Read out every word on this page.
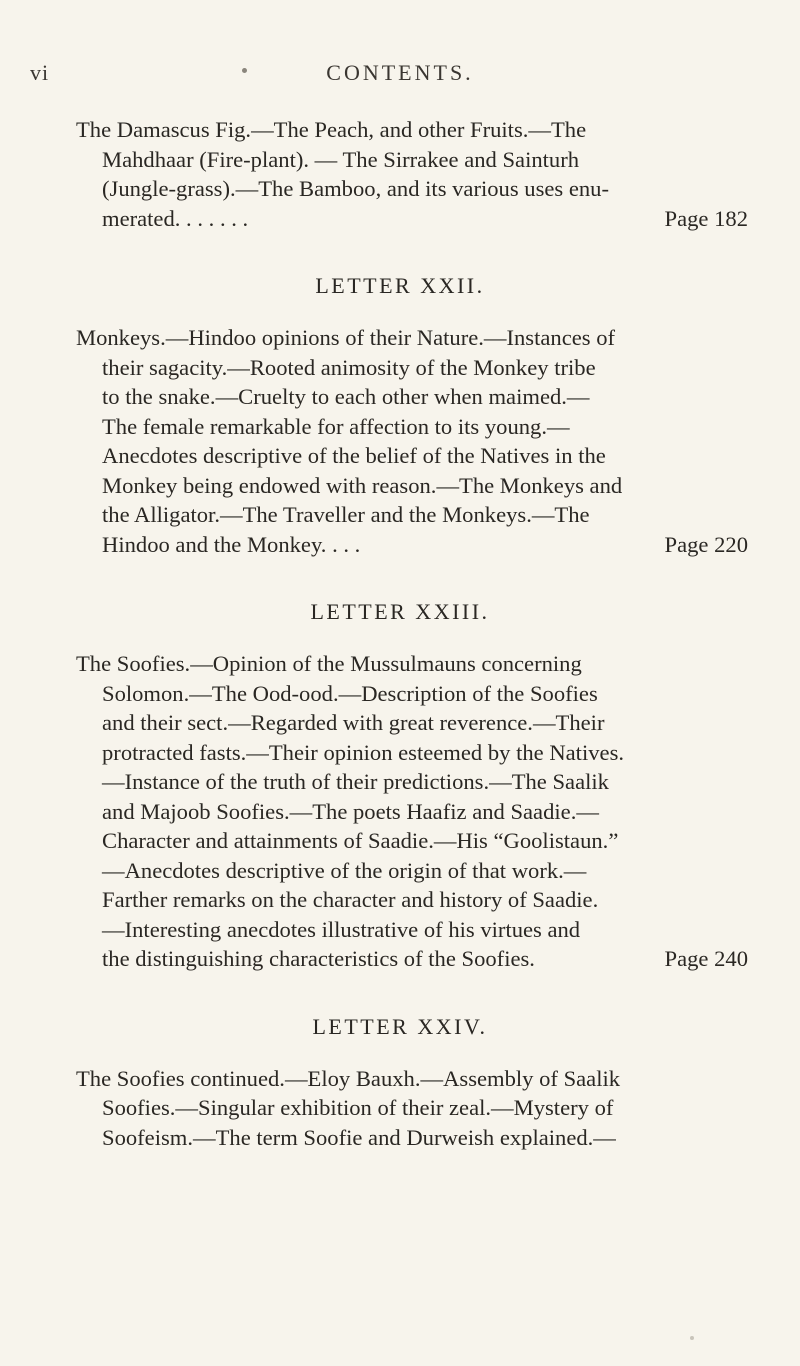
vi	CONTENTS.
The Damascus Fig.—The Peach, and other Fruits.—The
Mahdhaar (Fire-plant). — The Sirrakee and Sainturh
(Jungle-grass).—The Bamboo, and its various uses enu-
merated. . . . . . .	Page 182
LETTER XXII.
Monkeys.—Hindoo opinions of their Nature.—Instances of
their sagacity.—Rooted animosity of the Monkey tribe
to the snake.—Cruelty to each other when maimed.—
The female remarkable for affection to its young.—
Anecdotes descriptive of the belief of the Natives in the
Monkey being endowed with reason.—The Monkeys and
the Alligator.—The Traveller and the Monkeys.—The
Hindoo and the Monkey. . . .	Page 220
LETTER XXIII.
The Soofies.—Opinion of the Mussulmauns concerning
Solomon.—The Ood-ood.—Description of the Soofies
and their sect.—Regarded with great reverence.—Their
protracted fasts.—Their opinion esteemed by the Natives.
—Instance of the truth of their predictions.—The Saalik
and Majoob Soofies.—The poets Haafiz and Saadie.—
Character and attainments of Saadie.—His “Goolistaun.”
—Anecdotes descriptive of the origin of that work.—
Farther remarks on the character and history of Saadie.
—Interesting anecdotes illustrative of his virtues and
the distinguishing characteristics of the Soofies.	Page 240
LETTER XXIV.
The Soofies continued.—Eloy Bauxh.—Assembly of Saalik
Soofies.—Singular exhibition of their zeal.—Mystery of
Soofeism.—The term Soofie and Durweish explained.—
